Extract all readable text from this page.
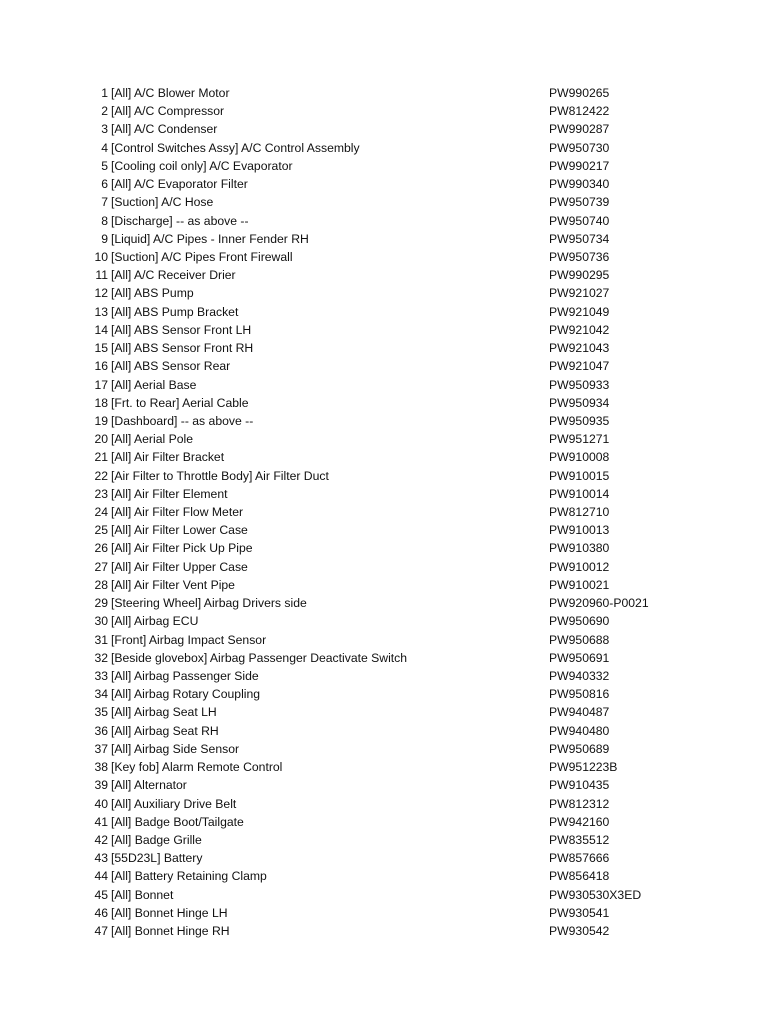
1 [All] A/C Blower Motor	PW990265
2 [All] A/C Compressor	PW812422
3 [All] A/C Condenser	PW990287
4 [Control Switches Assy] A/C Control Assembly	PW950730
5 [Cooling coil only] A/C Evaporator	PW990217
6 [All] A/C Evaporator Filter	PW990340
7 [Suction] A/C Hose	PW950739
8 [Discharge] -- as above --	PW950740
9 [Liquid] A/C Pipes - Inner Fender RH	PW950734
10 [Suction] A/C Pipes Front Firewall	PW950736
11 [All] A/C Receiver Drier	PW990295
12 [All] ABS Pump	PW921027
13 [All] ABS Pump Bracket	PW921049
14 [All] ABS Sensor Front LH	PW921042
15 [All] ABS Sensor Front RH	PW921043
16 [All] ABS Sensor Rear	PW921047
17 [All] Aerial Base	PW950933
18 [Frt. to Rear] Aerial Cable	PW950934
19 [Dashboard] -- as above --	PW950935
20 [All] Aerial Pole	PW951271
21 [All] Air Filter Bracket	PW910008
22 [Air Filter to Throttle Body] Air Filter Duct	PW910015
23 [All] Air Filter Element	PW910014
24 [All] Air Filter Flow Meter	PW812710
25 [All] Air Filter Lower Case	PW910013
26 [All] Air Filter Pick Up Pipe	PW910380
27 [All] Air Filter Upper Case	PW910012
28 [All] Air Filter Vent Pipe	PW910021
29 [Steering Wheel] Airbag Drivers side	PW920960-P0021
30 [All] Airbag ECU	PW950690
31 [Front] Airbag Impact Sensor	PW950688
32 [Beside glovebox] Airbag Passenger Deactivate Switch	PW950691
33 [All] Airbag Passenger Side	PW940332
34 [All] Airbag Rotary Coupling	PW950816
35 [All] Airbag Seat LH	PW940487
36 [All] Airbag Seat RH	PW940480
37 [All] Airbag Side Sensor	PW950689
38 [Key fob] Alarm Remote Control	PW951223B
39 [All] Alternator	PW910435
40 [All] Auxiliary Drive Belt	PW812312
41 [All] Badge Boot/Tailgate	PW942160
42 [All] Badge Grille	PW835512
43 [55D23L] Battery	PW857666
44 [All] Battery Retaining Clamp	PW856418
45 [All] Bonnet	PW930530X3ED
46 [All] Bonnet Hinge LH	PW930541
47 [All] Bonnet Hinge RH	PW930542
